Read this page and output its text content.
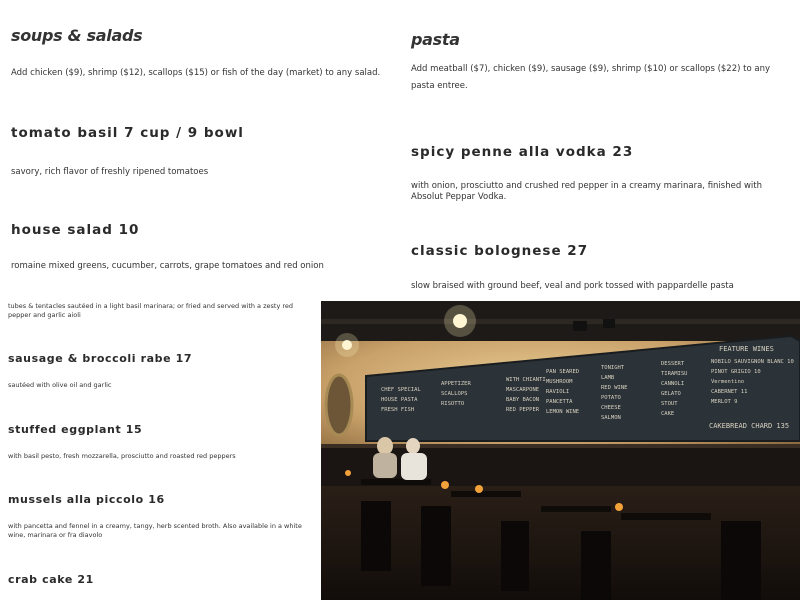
soups & salads
Add chicken ($9), shrimp ($12), scallops ($15) or fish of the day (market) to any salad.
tomato basil 7 cup / 9 bowl
savory, rich flavor of freshly ripened tomatoes
house salad 10
romaine mixed greens, cucumber, carrots, grape tomatoes and red onion
pasta
Add meatball ($7), chicken ($9), sausage ($9), shrimp ($10) or scallops ($22) to any pasta entree.
spicy penne alla vodka 23
with onion, prosciutto and crushed red pepper in a creamy marinara, finished with Absolut Peppar Vodka.
classic bolognese 27
slow braised with ground beef, veal and pork tossed with pappardelle pasta
tubes & tentacles sautéed in a light basil marinara; or fried and served with a zesty red pepper and garlic aioli
sausage & broccoli rabe 17
sautéed with olive oil and garlic
stuffed eggplant 15
with basil pesto, fresh mozzarella, prosciutto and roasted red peppers
mussels alla piccolo 16
with pancetta and fennel in a creamy, tangy, herb scented broth. Also available in a white wine, marinara or fra diavolo
crab cake 21
CHEF SPECIAL
HOUSE PASTA
FRESH FISH
APPETIZER
SCALLOPS
RISOTTO
WITH CHIANTI
MASCARPONE
BABY BACON
RED PEPPER
PAN SEARED
MUSHROOM
RAVIOLI
PANCETTA
LEMON WINE
TONIGHT
LAMB
RED WINE
POTATO
CHEESE
SALMON
DESSERT
TIRAMISU
CANNOLI
GELATO
STOUT
CAKE
FEATURE WINES
NOBILO SAUVIGNON BLANC 10
PINOT GRIGIO 10
Vermentino
CABERNET 11
MERLOT 9
CAKEBREAD CHARD 135
